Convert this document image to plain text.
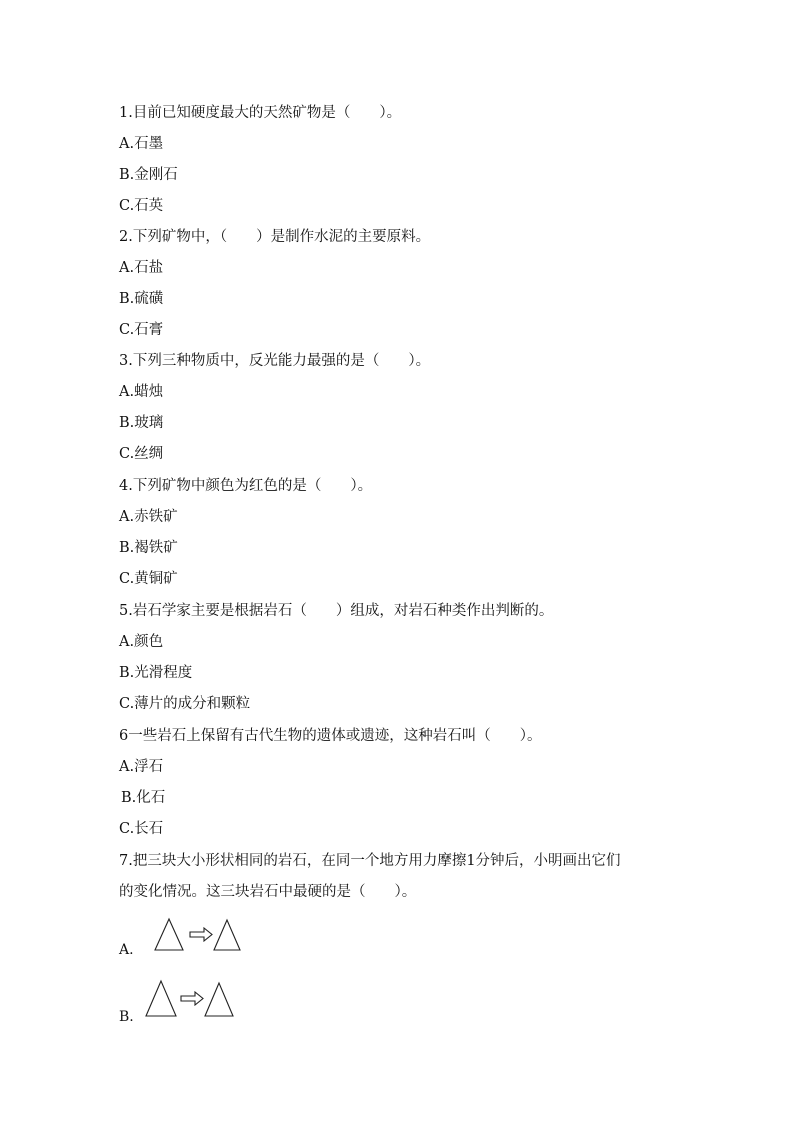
1.目前已知硬度最大的天然矿物是（　　）。
A.石墨
B.金刚石
C.石英
2.下列矿物中，（　　）是制作水泥的主要原料。
A.石盐
B.硫磺
C.石膏
3.下列三种物质中，反光能力最强的是（　　）。
A.蜡烛
B.玻璃
C.丝绸
4.下列矿物中颜色为红色的是（　　）。
A.赤铁矿
B.褐铁矿
C.黄铜矿
5.岩石学家主要是根据岩石（　　）组成，对岩石种类作出判断的。
A.颜色
B.光滑程度
C.薄片的成分和颗粒
6一些岩石上保留有古代生物的遗体或遗迹，这种岩石叫（　　）。
A.浮石
B.化石
C.长石
7.把三块大小形状相同的岩石，在同一个地方用力摩擦1分钟后，小明画出它们
的变化情况。这三块岩石中最硬的是（　　）。
A.
B.
